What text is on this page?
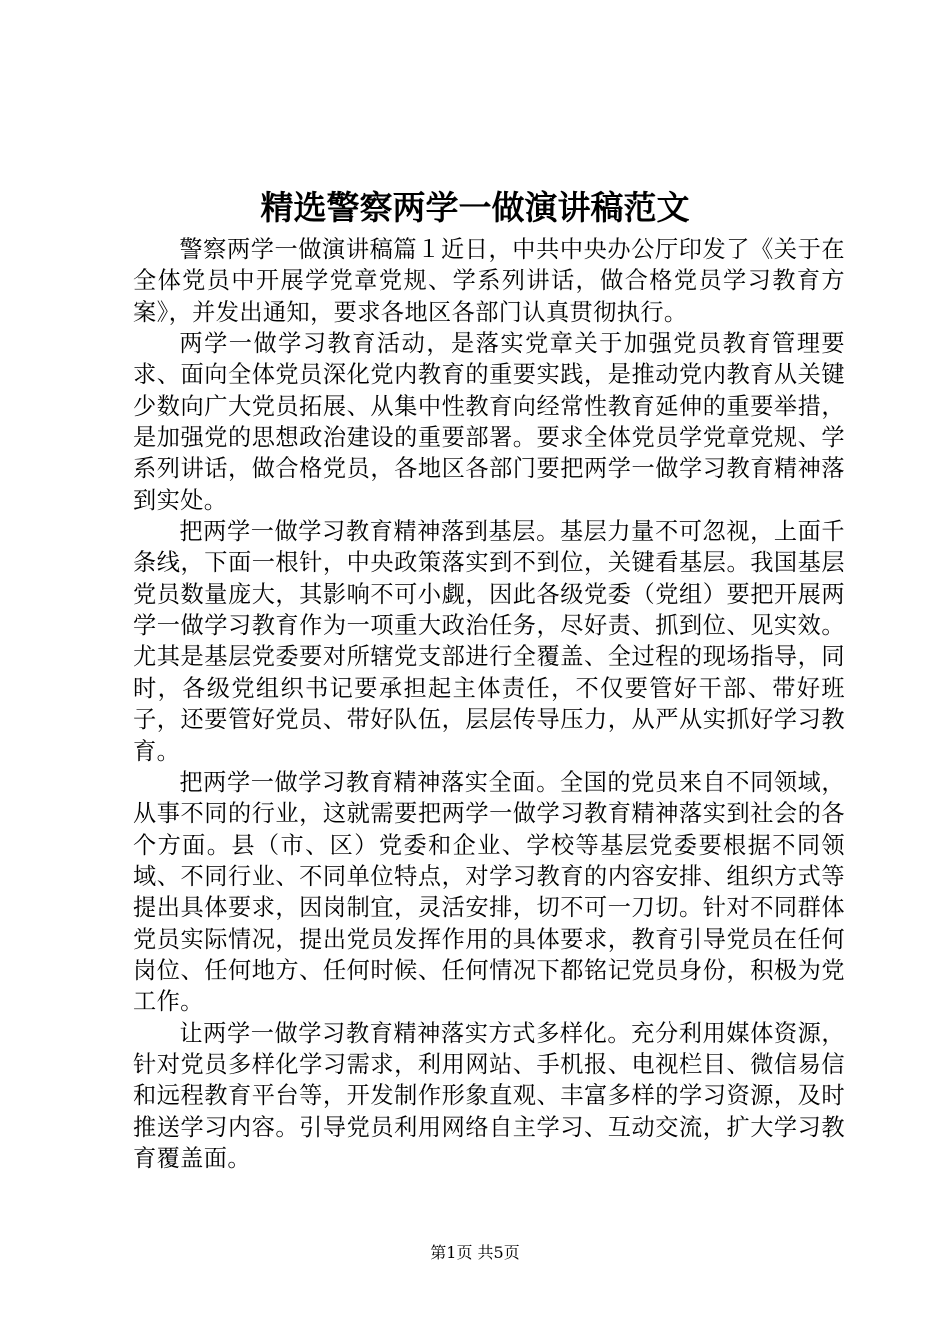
精选警察两学一做演讲稿范文

警察两学一做演讲稿篇１近日，中共中央办公厅印发了《关于在全体党员中开展学党章党规、学系列讲话，做合格党员学习教育方案》，并发出通知，要求各地区各部门认真贯彻执行。

两学一做学习教育活动，是落实党章关于加强党员教育管理要求、面向全体党员深化党内教育的重要实践，是推动党内教育从关键少数向广大党员拓展、从集中性教育向经常性教育延伸的重要举措，是加强党的思想政治建设的重要部署。要求全体党员学党章党规、学系列讲话，做合格党员，各地区各部门要把两学一做学习教育精神落到实处。

把两学一做学习教育精神落到基层。基层力量不可忽视，上面千条线，下面一根针，中央政策落实到不到位，关键看基层。我国基层党员数量庞大，其影响不可小觑，因此各级党委（党组）要把开展两学一做学习教育作为一项重大政治任务，尽好责、抓到位、见实效。尤其是基层党委要对所辖党支部进行全覆盖、全过程的现场指导，同时，各级党组织书记要承担起主体责任，不仅要管好干部、带好班子，还要管好党员、带好队伍，层层传导压力，从严从实抓好学习教育。

把两学一做学习教育精神落实全面。全国的党员来自不同领域，从事不同的行业，这就需要把两学一做学习教育精神落实到社会的各个方面。县（市、区）党委和企业、学校等基层党委要根据不同领域、不同行业、不同单位特点，对学习教育的内容安排、组织方式等提出具体要求，因岗制宜，灵活安排，切不可一刀切。针对不同群体党员实际情况，提出党员发挥作用的具体要求，教育引导党员在任何岗位、任何地方、任何时候、任何情况下都铭记党员身份，积极为党工作。

让两学一做学习教育精神落实方式多样化。充分利用媒体资源，针对党员多样化学习需求，利用网站、手机报、电视栏目、微信易信和远程教育平台等，开发制作形象直观、丰富多样的学习资源，及时推送学习内容。引导党员利用网络自主学习、互动交流，扩大学习教育覆盖面。

第1页 共5页
